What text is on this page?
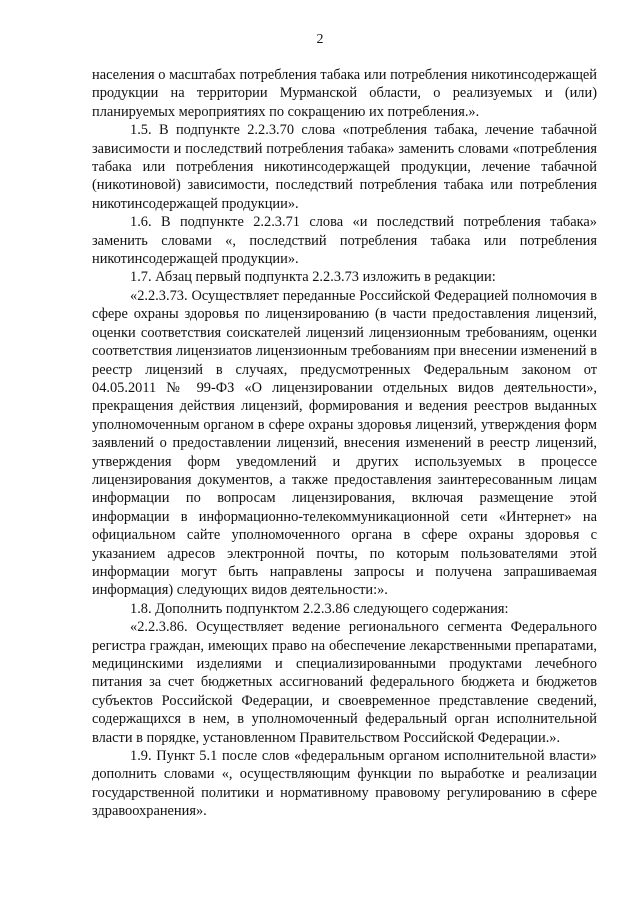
2

населения о масштабах потребления табака или потребления никотинсодержащей продукции на территории Мурманской области, о реализуемых и (или) планируемых мероприятиях по сокращению их потребления.».

1.5. В подпункте 2.2.3.70 слова «потребления табака, лечение табачной зависимости и последствий потребления табака» заменить словами «потребления табака или потребления никотинсодержащей продукции, лечение табачной (никотиновой) зависимости, последствий потребления табака или потребления никотинсодержащей продукции».

1.6. В подпункте 2.2.3.71 слова «и последствий потребления табака» заменить словами «, последствий потребления табака или потребления никотинсодержащей продукции».

1.7. Абзац первый подпункта 2.2.3.73 изложить в редакции:

«2.2.3.73. Осуществляет переданные Российской Федерацией полномочия в сфере охраны здоровья по лицензированию (в части предоставления лицензий, оценки соответствия соискателей лицензий лицензионным требованиям, оценки соответствия лицензиатов лицензионным требованиям при внесении изменений в реестр лицензий в случаях, предусмотренных Федеральным законом от 04.05.2011 № 99-ФЗ «О лицензировании отдельных видов деятельности», прекращения действия лицензий, формирования и ведения реестров выданных уполномоченным органом в сфере охраны здоровья лицензий, утверждения форм заявлений о предоставлении лицензий, внесения изменений в реестр лицензий, утверждения форм уведомлений и других используемых в процессе лицензирования документов, а также предоставления заинтересованным лицам информации по вопросам лицензирования, включая размещение этой информации в информационно-телекоммуникационной сети «Интернет» на официальном сайте уполномоченного органа в сфере охраны здоровья с указанием адресов электронной почты, по которым пользователями этой информации могут быть направлены запросы и получена запрашиваемая информация) следующих видов деятельности:».

1.8. Дополнить подпунктом 2.2.3.86 следующего содержания:

«2.2.3.86. Осуществляет ведение регионального сегмента Федерального регистра граждан, имеющих право на обеспечение лекарственными препаратами, медицинскими изделиями и специализированными продуктами лечебного питания за счет бюджетных ассигнований федерального бюджета и бюджетов субъектов Российской Федерации, и своевременное представление сведений, содержащихся в нем, в уполномоченный федеральный орган исполнительной власти в порядке, установленном Правительством Российской Федерации.».

1.9. Пункт 5.1 после слов «федеральным органом исполнительной власти» дополнить словами «, осуществляющим функции по выработке и реализации государственной политики и нормативному правовому регулированию в сфере здравоохранения».
